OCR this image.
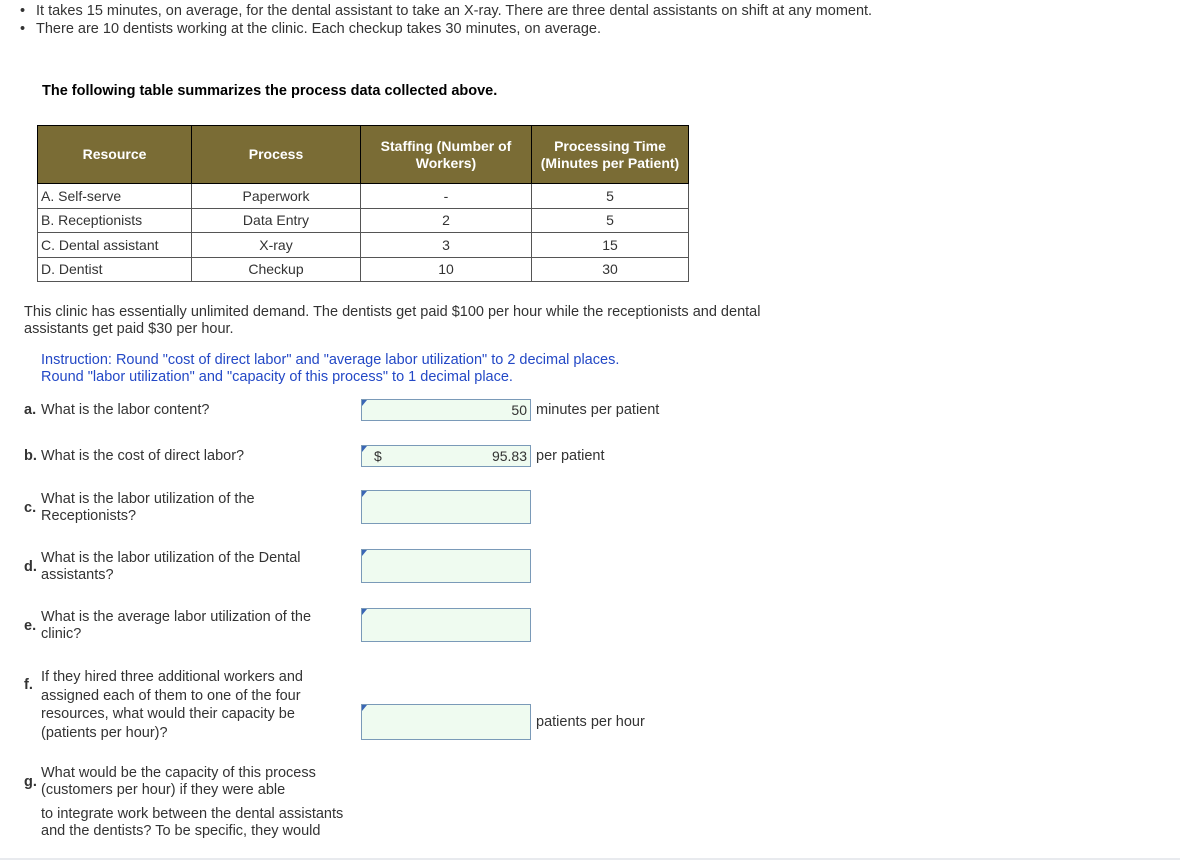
• It takes 15 minutes, on average, for the dental assistant to take an X-ray. There are three dental assistants on shift at any moment.
• There are 10 dentists working at the clinic. Each checkup takes 30 minutes, on average.
The following table summarizes the process data collected above.
Resource	Process	Staffing (Number of Workers)	Processing Time (Minutes per Patient)
A. Self-serve	Paperwork	-	5
B. Receptionists	Data Entry	2	5
C. Dental assistant	X-ray	3	15
D. Dentist	Checkup	10	30
This clinic has essentially unlimited demand. The dentists get paid $100 per hour while the receptionists and dental assistants get paid $30 per hour.
Instruction: Round "cost of direct labor" and "average labor utilization" to 2 decimal places.
Round "labor utilization" and "capacity of this process" to 1 decimal place.
a. What is the labor content?	50 minutes per patient
b. What is the cost of direct labor?	$	95.83 per patient
c.
What is the labor utilization of the
Receptionists?
d.
What is the labor utilization of the Dental
assistants?
e.
What is the average labor utilization of the
clinic?
f. If they hired three additional workers and
assigned each of them to one of the four
resources, what would their capacity be
(patients per hour)?
patients per hour
g.
What would be the capacity of this process
(customers per hour) if they were able
to integrate work between the dental assistants
and the dentists? To be specific, they would
